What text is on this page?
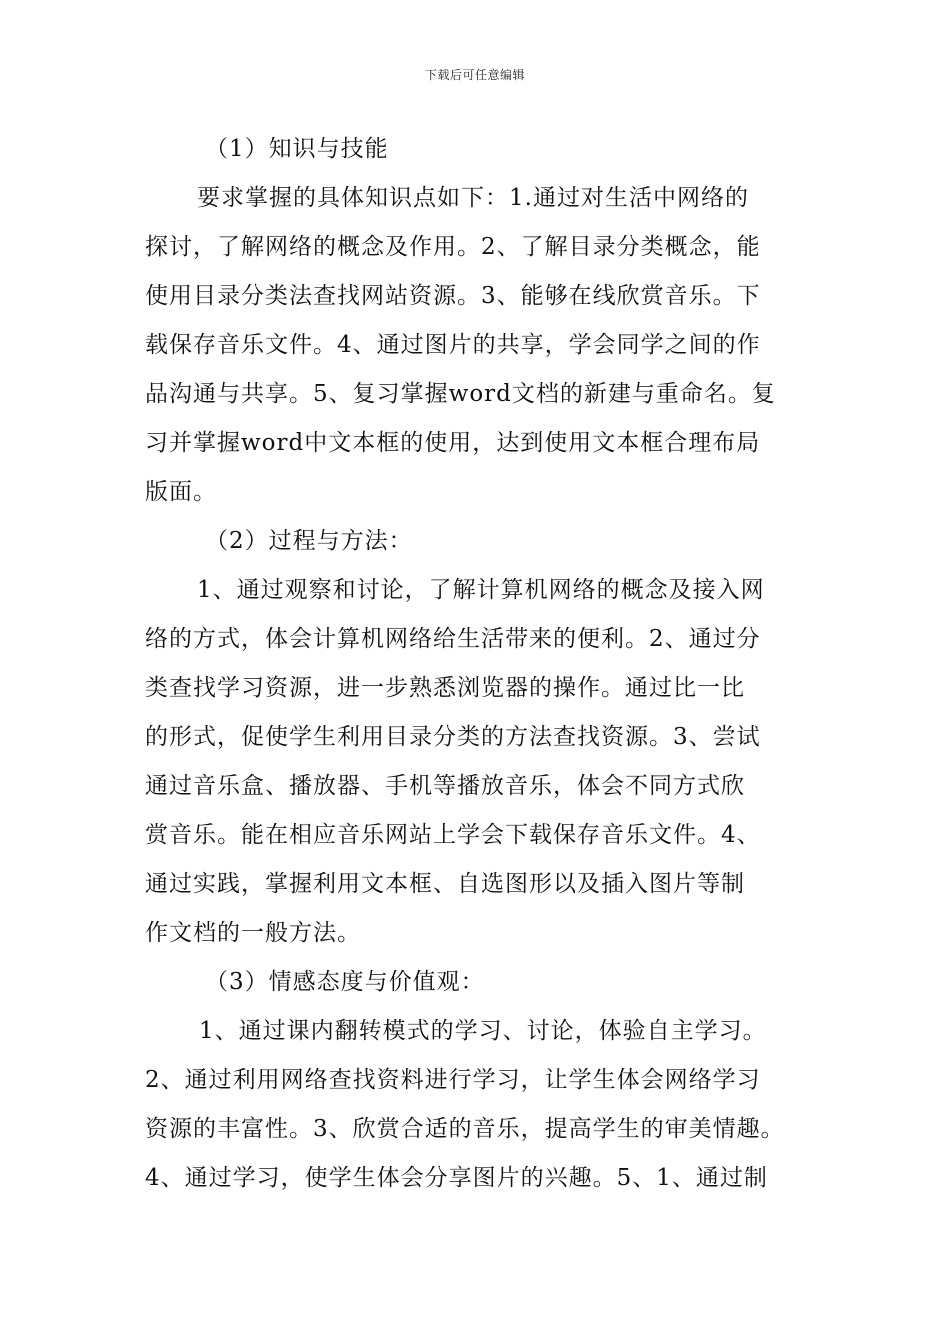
下载后可任意编辑
（1）知识与技能
要求掌握的具体知识点如下：1.通过对生活中网络的
探讨，了解网络的概念及作用。2、了解目录分类概念，能
使用目录分类法查找网站资源。3、能够在线欣赏音乐。下
载保存音乐文件。4、通过图片的共享，学会同学之间的作
品沟通与共享。5、复习掌握word文档的新建与重命名。复
习并掌握word中文本框的使用，达到使用文本框合理布局
版面。
（2）过程与方法：
1、通过观察和讨论，了解计算机网络的概念及接入网
络的方式，体会计算机网络给生活带来的便利。2、通过分
类查找学习资源，进一步熟悉浏览器的操作。通过比一比
的形式，促使学生利用目录分类的方法查找资源。3、尝试
通过音乐盒、播放器、手机等播放音乐，体会不同方式欣
赏音乐。能在相应音乐网站上学会下载保存音乐文件。4、
通过实践，掌握利用文本框、自选图形以及插入图片等制
作文档的一般方法。
（3）情感态度与价值观：
1、通过课内翻转模式的学习、讨论，体验自主学习。
2、通过利用网络查找资料进行学习，让学生体会网络学习
资源的丰富性。3、欣赏合适的音乐，提高学生的审美情趣。
4、通过学习，使学生体会分享图片的兴趣。5、1、通过制
